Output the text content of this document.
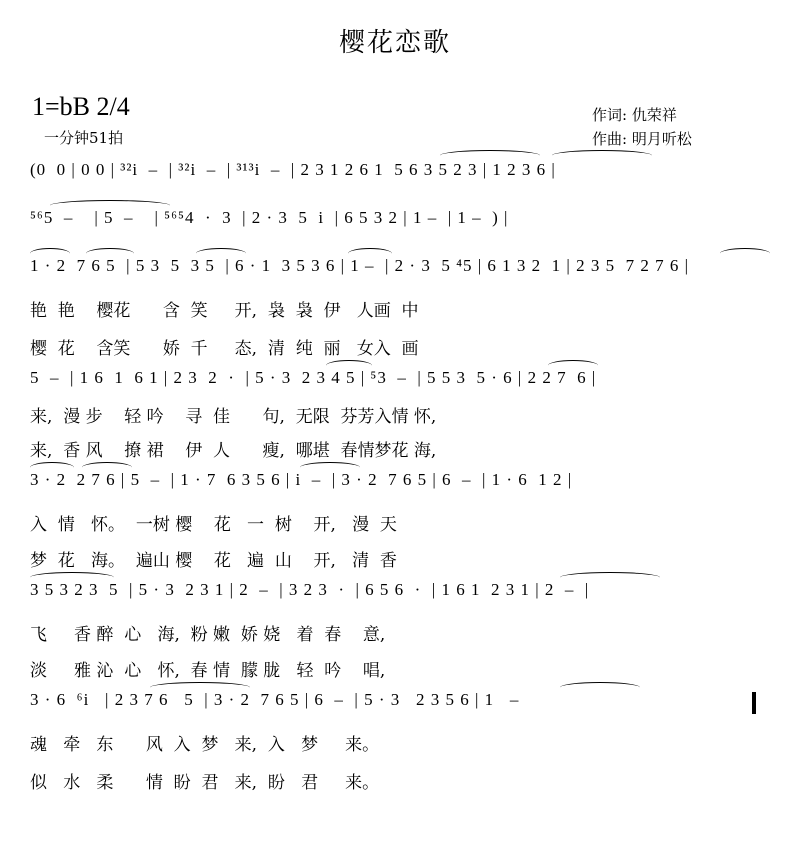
樱花恋歌
1=bB 2/4
一分钟51拍
作词: 仇荣祥
作曲: 明月听松
(0  0 | 0 0 | ³²i  –  | ³²i  –  | ³¹³i  –  | 2 3 1 2 6 1  5 6 3 5 2 3 | 1 2 3 6 |
⁵⁶5  –    | 5  –    | ⁵⁶⁵4  ·  3  | 2 · 3  5  i  | 6 5 3 2 | 1 –  | 1 –  ) |
1 · 2  7 6 5  | 5 3  5  3 5  | 6 · 1  3 5 3 6 | 1 –  | 2 · 3  5 ⁴5 | 6 1 3 2  1 | 2 3 5  7 2 7 6 |
艳  艳    樱花      含  笑     开,  袅  袅  伊   人画  中
樱  花    含笑      娇  千     态,  清  纯  丽   女入  画
5  –  | 1 6  1  6 1 | 2 3  2  ·  | 5 · 3  2 3 4 5 | ⁵3  –  | 5 5 3  5 · 6 | 2 2 7  6 |
来,  漫 步    轻 吟    寻  佳      句,  无限  芬芳入情 怀,
来,  香 风    撩 裙    伊  人      瘦,  哪堪  春情梦花 海,
3 · 2  2 7 6 | 5  –  | 1 · 7  6 3 5 6 | i  –  | 3 · 2  7 6 5 | 6  –  | 1 · 6  1 2 |
入  情   怀。  一树 樱    花   一  树    开,   漫  天
梦  花   海。  遍山 樱    花   遍  山    开,   清  香
3 5 3 2 3  5  | 5 · 3  2 3 1 | 2  –  | 3 2 3  ·  | 6 5 6  ·  | 1 6 1  2 3 1 | 2  –  |
飞     香 醉  心   海,  粉 嫩  娇 娆   着  春    意,
淡     雅 沁  心   怀,  春 情  朦 胧   轻  吟    唱,
3 · 6  ⁶i   | 2 3 7 6   5  | 3 · 2  7 6 5 | 6  –  | 5 · 3   2 3 5 6 | 1   –
魂   牵   东      风  入  梦   来,  入   梦     来。
似   水   柔      情  盼  君   来,  盼   君     来。
